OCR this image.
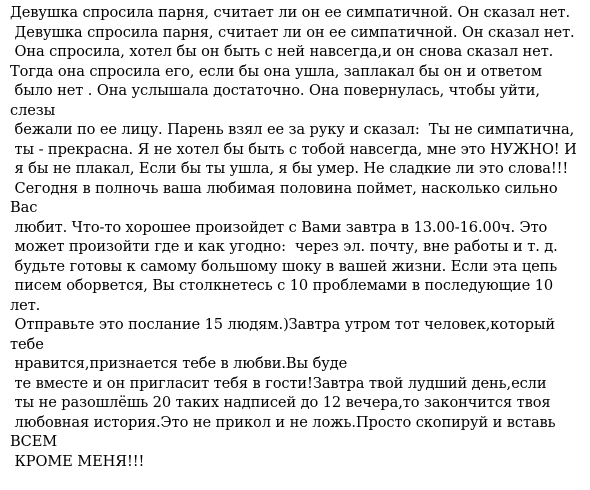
Девушка спросила парня, считает ли он ее симпатичной. Он сказал нет.
Девушка спросила парня, считает ли он ее симпатичной. Он сказал нет.
Она спросила, хотел бы он быть с ней навсегда,и он снова сказал нет.
Тогда она спросила его, если бы она ушла, заплакал бы он и ответом
было нет . Она услышала достаточно. Она повернулась, чтобы уйти,
слезы
бежали по ее лицу. Парень взял ее за руку и сказал:  Ты не симпатична,
ты - прекрасна. Я не хотел бы быть с тобой навсегда, мне это НУЖНО! И
я бы не плакал, Если бы ты ушла, я бы умер. Не сладкие ли это слова!!!
Сегодня в полночь ваша любимая половина поймет, насколько сильно
Вас
любит. Что-то хорошее произойдет с Вами завтра в 13.00-16.00ч. Это
может произойти где и как угодно:  через эл. почту, вне работы и т. д.
будьте готовы к самому большому шоку в вашей жизни. Если эта цепь
писем оборвется, Вы столкнетесь с 10 проблемами в последующие 10
лет.
Отправьте это послание 15 людям.)Завтра утром тот человек,который
тебе
нравится,признается тебе в любви.Вы буде
те вместе и он пригласит тебя в гости!Завтра твой лудший день,если
ты не разошлёшь 20 таких надписей до 12 вечера,то закончится твоя
любовная история.Это не прикол и не ложь.Просто скопируй и вставь
ВСЕМ
КРОМЕ МЕНЯ!!!
